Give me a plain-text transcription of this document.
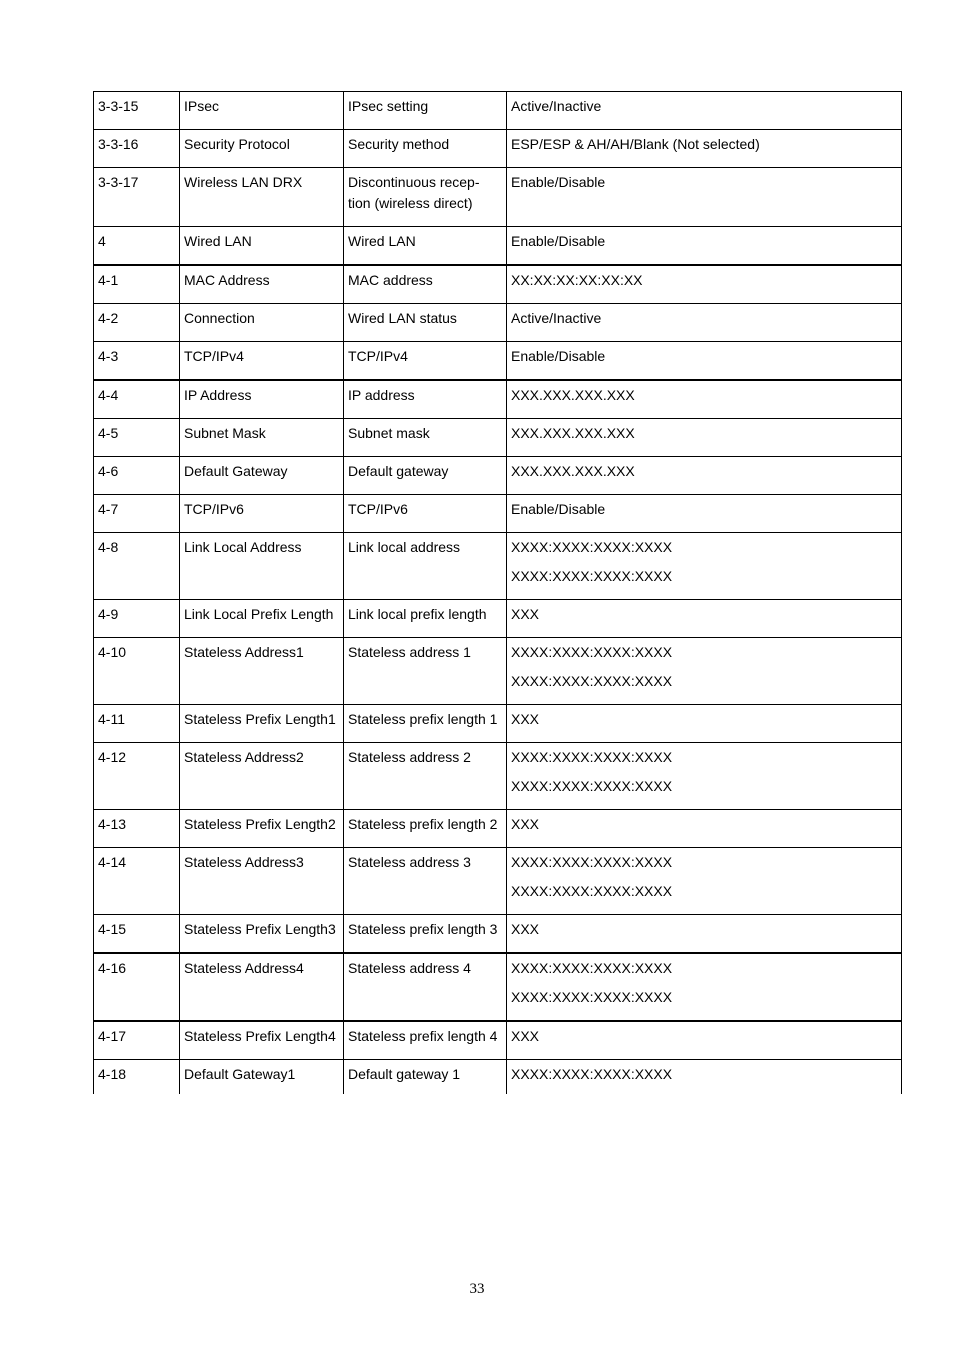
3-3-15	IPsec	IPsec setting	Active/Inactive

3-3-16	Security Protocol	Security method	ESP/ESP & AH/AH/Blank (Not selected)

3-3-17	Wireless LAN DRX	Discontinuous recep-tion (wireless direct)	Enable/Disable

4	Wired LAN	Wired LAN	Enable/Disable

4-1	MAC Address	MAC address	XX:XX:XX:XX:XX:XX

4-2	Connection	Wired LAN status	Active/Inactive

4-3	TCP/IPv4	TCP/IPv4	Enable/Disable

4-4	IP Address	IP address	XXX.XXX.XXX.XXX

4-5	Subnet Mask	Subnet mask	XXX.XXX.XXX.XXX

4-6	Default Gateway	Default gateway	XXX.XXX.XXX.XXX

4-7	TCP/IPv6	TCP/IPv6	Enable/Disable

4-8	Link Local Address	Link local address	XXXX:XXXX:XXXX:XXXX
XXXX:XXXX:XXXX:XXXX

4-9	Link Local Prefix Length	Link local prefix length	XXX

4-10	Stateless Address1	Stateless address 1	XXXX:XXXX:XXXX:XXXX
XXXX:XXXX:XXXX:XXXX

4-11	Stateless Prefix Length1	Stateless prefix length 1	XXX

4-12	Stateless Address2	Stateless address 2	XXXX:XXXX:XXXX:XXXX
XXXX:XXXX:XXXX:XXXX

4-13	Stateless Prefix Length2	Stateless prefix length 2	XXX

4-14	Stateless Address3	Stateless address 3	XXXX:XXXX:XXXX:XXXX
XXXX:XXXX:XXXX:XXXX

4-15	Stateless Prefix Length3	Stateless prefix length 3	XXX

4-16	Stateless Address4	Stateless address 4	XXXX:XXXX:XXXX:XXXX
XXXX:XXXX:XXXX:XXXX

4-17	Stateless Prefix Length4	Stateless prefix length 4	XXX

4-18	Default Gateway1	Default gateway 1	XXXX:XXXX:XXXX:XXXX
33
